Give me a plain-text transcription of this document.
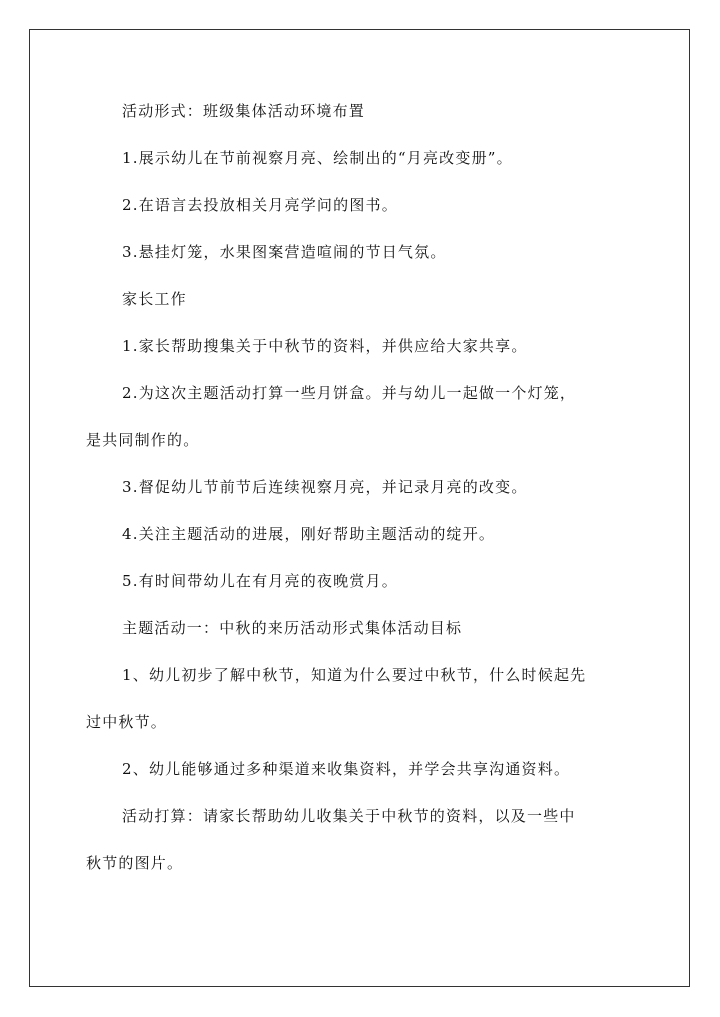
活动形式：班级集体活动环境布置
1.展示幼儿在节前视察月亮、绘制出的“月亮改变册”。
2.在语言去投放相关月亮学问的图书。
3.悬挂灯笼，水果图案营造喧闹的节日气氛。
家长工作
1.家长帮助搜集关于中秋节的资料，并供应给大家共享。
2.为这次主题活动打算一些月饼盒。并与幼儿一起做一个灯笼，
是共同制作的。
3.督促幼儿节前节后连续视察月亮，并记录月亮的改变。
4.关注主题活动的进展，刚好帮助主题活动的绽开。
5.有时间带幼儿在有月亮的夜晚赏月。
主题活动一：中秋的来历活动形式集体活动目标
1、幼儿初步了解中秋节，知道为什么要过中秋节，什么时候起先
过中秋节。
2、幼儿能够通过多种渠道来收集资料，并学会共享沟通资料。
活动打算：请家长帮助幼儿收集关于中秋节的资料，以及一些中
秋节的图片。
